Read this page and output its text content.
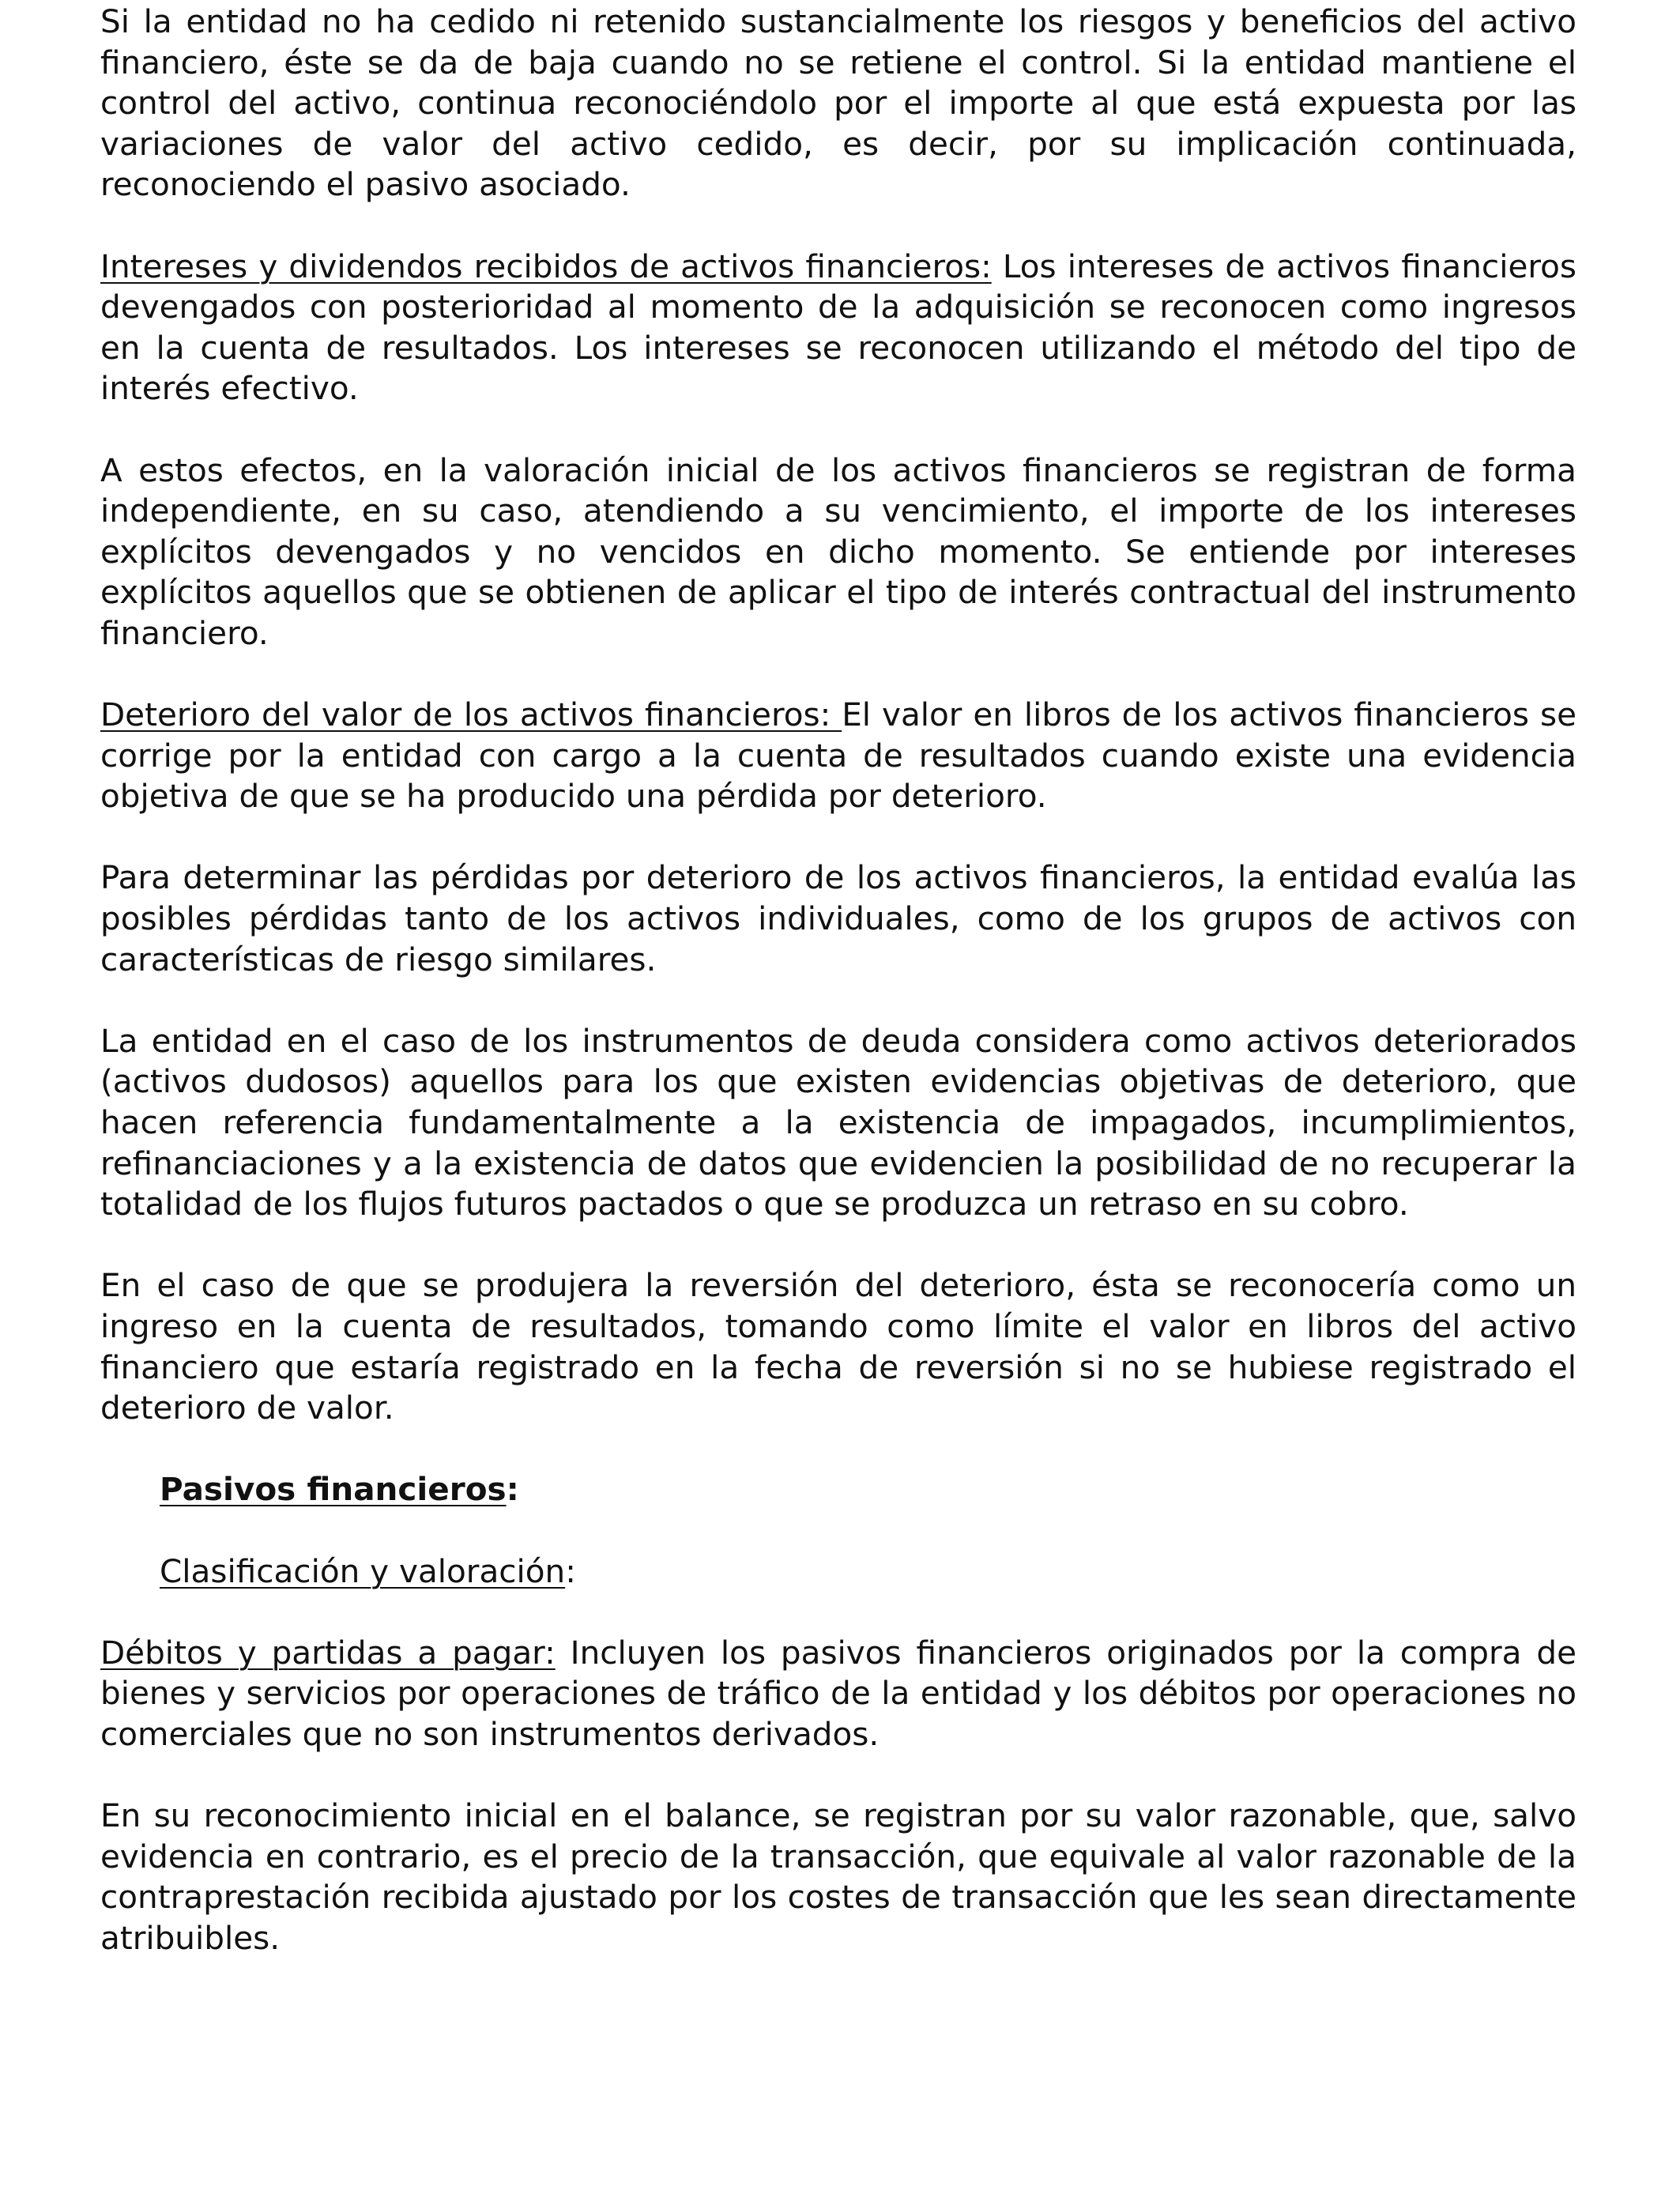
Si la entidad no ha cedido ni retenido sustancialmente los riesgos y beneficios del activo financiero, éste se da de baja cuando no se retiene el control. Si la entidad mantiene el control del activo, continua reconociéndolo por el importe al que está expuesta por las variaciones de valor del activo cedido, es decir, por su implicación continuada, reconociendo el pasivo asociado.

Intereses y dividendos recibidos de activos financieros: Los intereses de activos financieros devengados con posterioridad al momento de la adquisición se reconocen como ingresos en la cuenta de resultados. Los intereses se reconocen utilizando el método del tipo de interés efectivo.

A estos efectos, en la valoración inicial de los activos financieros se registran de forma independiente, en su caso, atendiendo a su vencimiento, el importe de los intereses explícitos devengados y no vencidos en dicho momento. Se entiende por intereses explícitos aquellos que se obtienen de aplicar el tipo de interés contractual del instrumento financiero.

Deterioro del valor de los activos financieros: El valor en libros de los activos financieros se corrige por la entidad con cargo a la cuenta de resultados cuando existe una evidencia objetiva de que se ha producido una pérdida por deterioro.

Para determinar las pérdidas por deterioro de los activos financieros, la entidad evalúa las posibles pérdidas tanto de los activos individuales, como de los grupos de activos con características de riesgo similares.

La entidad en el caso de los instrumentos de deuda considera como activos deteriorados (activos dudosos) aquellos para los que existen evidencias objetivas de deterioro, que hacen referencia fundamentalmente a la existencia de impagados, incumplimientos, refinanciaciones y a la existencia de datos que evidencien la posibilidad de no recuperar la totalidad de los flujos futuros pactados o que se produzca un retraso en su cobro.

En el caso de que se produjera la reversión del deterioro, ésta se reconocería como un ingreso en la cuenta de resultados, tomando como límite el valor en libros del activo financiero que estaría registrado en la fecha de reversión si no se hubiese registrado el deterioro de valor.

Pasivos financieros:

Clasificación y valoración:

Débitos y partidas a pagar: Incluyen los pasivos financieros originados por la compra de bienes y servicios por operaciones de tráfico de la entidad y los débitos por operaciones no comerciales que no son instrumentos derivados.

En su reconocimiento inicial en el balance, se registran por su valor razonable, que, salvo evidencia en contrario, es el precio de la transacción, que equivale al valor razonable de la contraprestación recibida ajustado por los costes de transacción que les sean directamente atribuibles.
